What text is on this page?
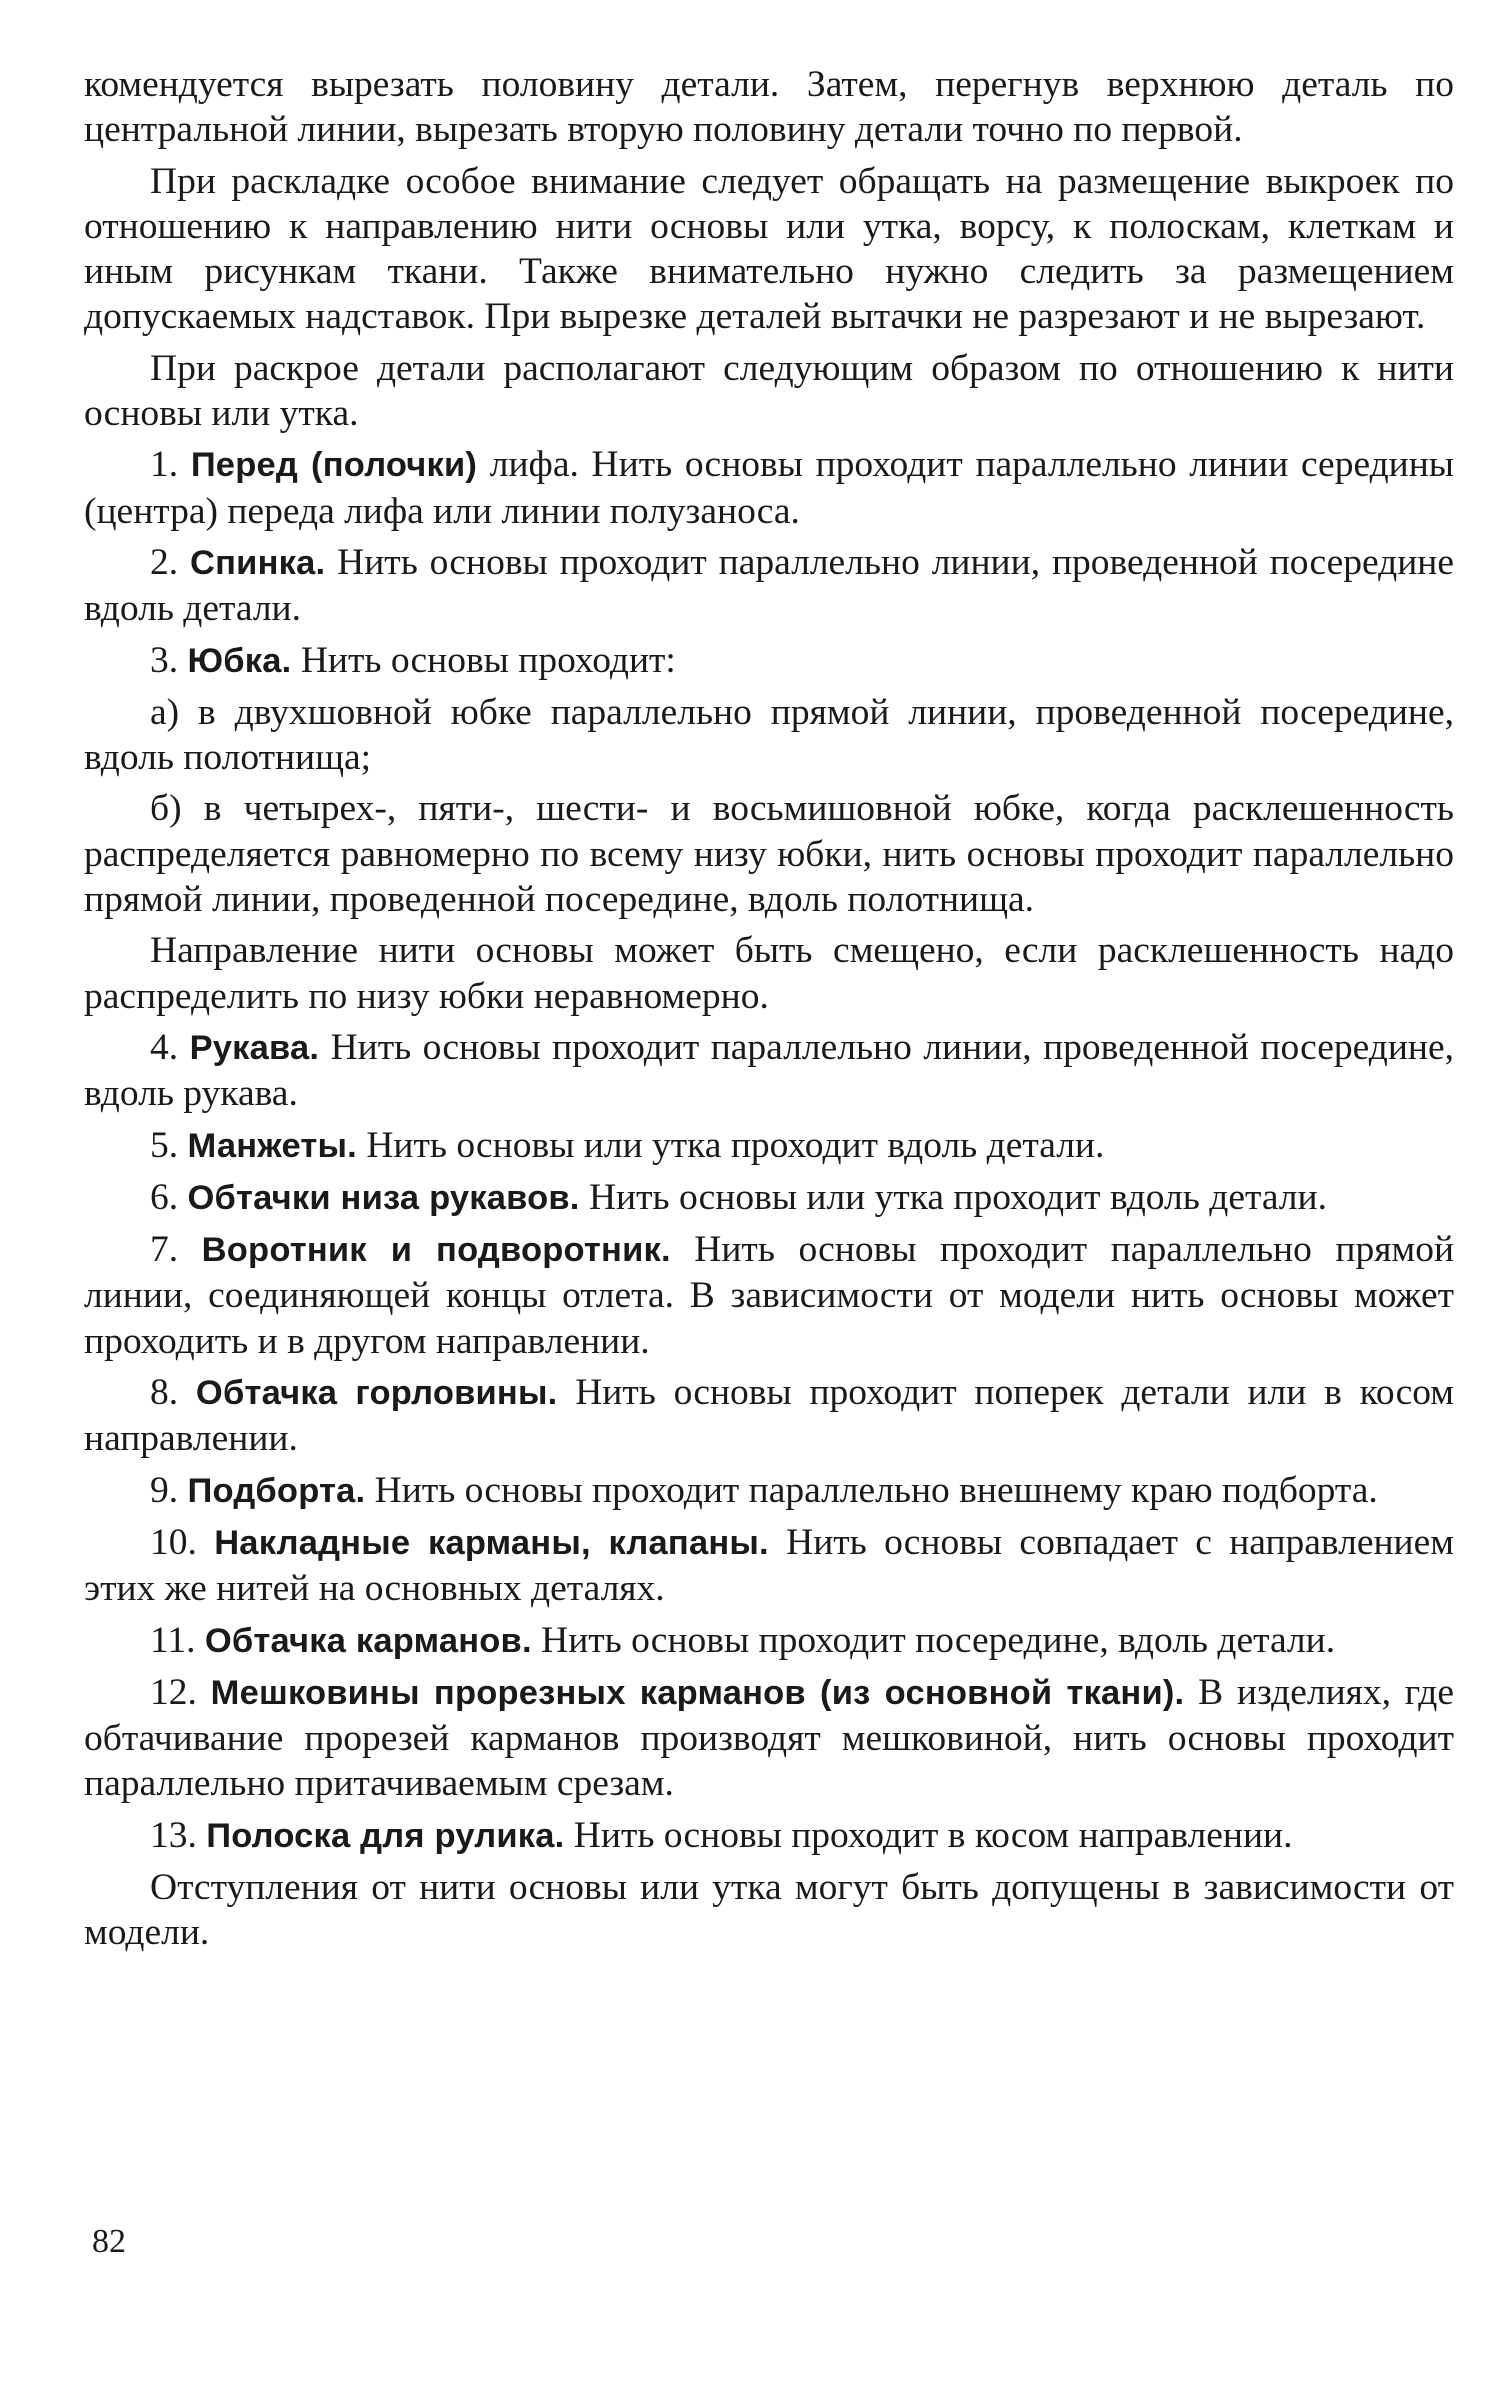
комендуется вырезать половину детали. Затем, перегнув верхнюю деталь по центральной линии, вырезать вторую половину детали точно по первой.

При раскладке особое внимание следует обращать на размещение выкроек по отношению к направлению нити основы или утка, ворсу, к полоскам, клеткам и иным рисункам ткани. Также внимательно нужно следить за размещением допускаемых надставок. При вырезке деталей вытачки не разрезают и не вырезают.

При раскрое детали располагают следующим образом по отношению к нити основы или утка.

1. Перед (полочки) лифа. Нить основы проходит параллельно линии середины (центра) переда лифа или линии полузаноса.

2. Спинка. Нить основы проходит параллельно линии, проведенной посередине вдоль детали.

3. Юбка. Нить основы проходит:

а) в двухшовной юбке параллельно прямой линии, проведенной посередине, вдоль полотнища;

б) в четырех-, пяти-, шести- и восьмишовной юбке, когда расклешенность распределяется равномерно по всему низу юбки, нить основы проходит параллельно прямой линии, проведенной посередине, вдоль полотнища.

Направление нити основы может быть смещено, если расклешенность надо распределить по низу юбки неравномерно.

4. Рукава. Нить основы проходит параллельно линии, проведенной посередине, вдоль рукава.

5. Манжеты. Нить основы или утка проходит вдоль детали.

6. Обтачки низа рукавов. Нить основы или утка проходит вдоль детали.

7. Воротник и подворотник. Нить основы проходит параллельно прямой линии, соединяющей концы отлета. В зависимости от модели нить основы может проходить и в другом направлении.

8. Обтачка горловины. Нить основы проходит поперек детали или в косом направлении.

9. Подборта. Нить основы проходит параллельно внешнему краю подборта.

10. Накладные карманы, клапаны. Нить основы совпадает с направлением этих же нитей на основных деталях.

11. Обтачка карманов. Нить основы проходит посередине, вдоль детали.

12. Мешковины прорезных карманов (из основной ткани). В изделиях, где обтачивание прорезей карманов производят мешковиной, нить основы проходит параллельно притачиваемым срезам.

13. Полоска для рулика. Нить основы проходит в косом направлении.

Отступления от нити основы или утка могут быть допущены в зависимости от модели.

82
